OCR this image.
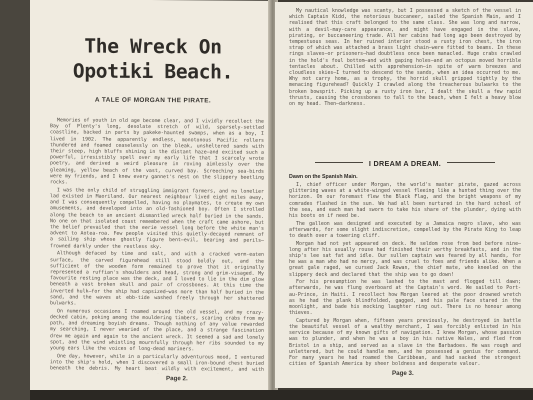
The Wreck On Opotiki Beach.
A TALE OF MORGAN THE PIRATE.

Memories of youth in old age become clear, and I vividly recollect the Bay of Plenty's long, desolate stretch of wild, sparsely-settled coastline, backed in parts by pakeke-haunted swamps, when as a boy, I lived in 1902. The apparently endless, monotonous Pacific rollers thundered and foamed ceaselessly on the bleak, unsheltered sands with their steep, high bluffs shining in the distant haze—and excited such a powerful, irresistibly spell over my early life that I scarcely wrote poetry, and derived a weird pleasure in roving aimlessly over the gleaming, yellow beach of the vast, curved bay. Screeching sea-birds were my friends, and I knew every gannet's nest on the slippery beetling rocks.

I was the only child of struggling immigrant farmers, and no lonelier lad existed in Maoriland. Our nearest neighbour lived eight miles away, and I was consequently compelled, having no playmates, to create my own amusements, and developed into an old-fashioned boy. Often I strolled along the beach to an ancient dismantled wreck half buried in the sands. No one on that isolated coast remembered when the craft came ashore, but the belief prevailed that the eerie vessel long before the white man's advent to Aotea-roa. Few people visited this quietly-decayed remnant of a sailing ship whose ghostly figure bent—evil, bearing and perils—frowned darkly under the restless sky.

Although defaced by time and salt, and with a cracked worm-eaten surface, the carved figurehead still stood boldly out, and the sufficient of the wooden form remained to prove that it originally represented a ruffian's shoulders and head, strong and grim-visaged. My favourite resting place was the deck, and I loved to lie in the dim glow beneath a vast broken skull and pair of crossbones. At this time the inverted hulk—for the ship had capsized—was more than half buried in the sand, and the waves at ebb-tide washed freely through her shattered bulwarks.

On numerous occasions I roamed around the old vessel, and my crazy-decked cabin, poking among the mouldering timbers, scaring crabs from my path, and dreaming boyish dreams. Though nothing of any value rewarded my searching, I never wearied of the place, and a strange fascination drew me again and again to the ancient wreck. It seemed a sad and lonely spot, and the wind whistling mournfully through her ribs sounded to my young ears like the voices of long-dead mariners.

One day, however, while in a particularly adventurous mood, I ventured into the ship's hold, when I discovered a small iron-bound chest buried beneath the debris. My heart beat wildly with excitement, and with

Page 2.

My nautical knowledge was scanty, but I possessed a sketch of the vessel in which Captain Kidd, the notorious buccaneer, sailed the Spanish Main, and I realised that this craft belonged to the same class. She was long and narrow, with a devil-may-care appearance, and might have engaged in the slave, pirating, or buccaneering trade. All her cabins had long ago been destroyed by tempestuous seas. In her ruined interior stood a rusty iron chest, the iron strap of which was attached a brass light chain—were fitted to beams. In these rings slaves—or prisoners—had doubtless once been manacled. Huge crabs crawled in the hold's foul bottom—and with gaping holes—and an octopus moved horrible tentacles about. Chilled with apprehension—in spite of warm breezes and cloudless skies—I turned to descend to the sands, when an idea occurred to me. Why not carry home, as a trophy, the horrid skull gripped tightly by the menacing figurehead? Quickly I crawled along the treacherous bulwarks to the broken bowsprit. Picking up a rusty iron bar, I dealt the skull a few rapid thrusts, causing the crossbones to fall to the beach, when I felt a heavy blow on my head. Then—darkness.

I DREAM A DREAM.
Dawn on the Spanish Main.

I, chief officer under Morgan, the world's master pirate, gazed across glittering waves at a white-winged vessel fleeing like a hunted thing over the horizon. On our foremast flew the Black Flag, and the bright weapons of my comrades flashed in the sun. We had all been nurtured in the hard school of the sea, and each man had sworn to take his share of the plunder, dying with his boots on if need be.

The galleon was designed and executed by a Jamaica negro slave, who was afterwards, for some slight indiscretion, compelled by the Pirate King to leap to death over a towering cliff.

Morgan had not yet appeared on deck. He seldom rose from bed before nine—long after his usually rouse had finished their worthy breakfasts, and in the ship's lee sat fat and idle. Our sullen captain was feared by all hands, for he was a man who had no mercy, and was cruel to foes and friends alike. When a great gale raged, we cursed Jack Rowan, the chief mate, who kneeled on the slippery deck and declared that the ship was to go down!

For his presumption he was lashed to the mast and flogged till dawn; afterwards, he was flung overboard at the Captain's word. We sailed to Port-au-Prince, in Haiti. I recollect how Morgan leered at the poor drowned wretch as he had the plank blindfolded, gagged, and his pale face stared in the moonlight, and bade his mocking laughter ring out. There is no honour among thieves.

Captured by Morgan when, fifteen years previously, he destroyed in battle the beautiful vessel of a wealthy merchant, I was forcibly enlisted in his service because of my known gifts of navigation. I knew Morgan, whose passion was to plunder, and when he was a boy in his native Wales, and fled from Bristol in a ship, and served as a slave in the Barbadoes. He was rough and unlettered, but he could handle men, and he possessed a genius for command. For many years he had roamed the Caribbean, and had sacked the strongest cities of Spanish America by sheer boldness and desperate valour.

Page 3.
